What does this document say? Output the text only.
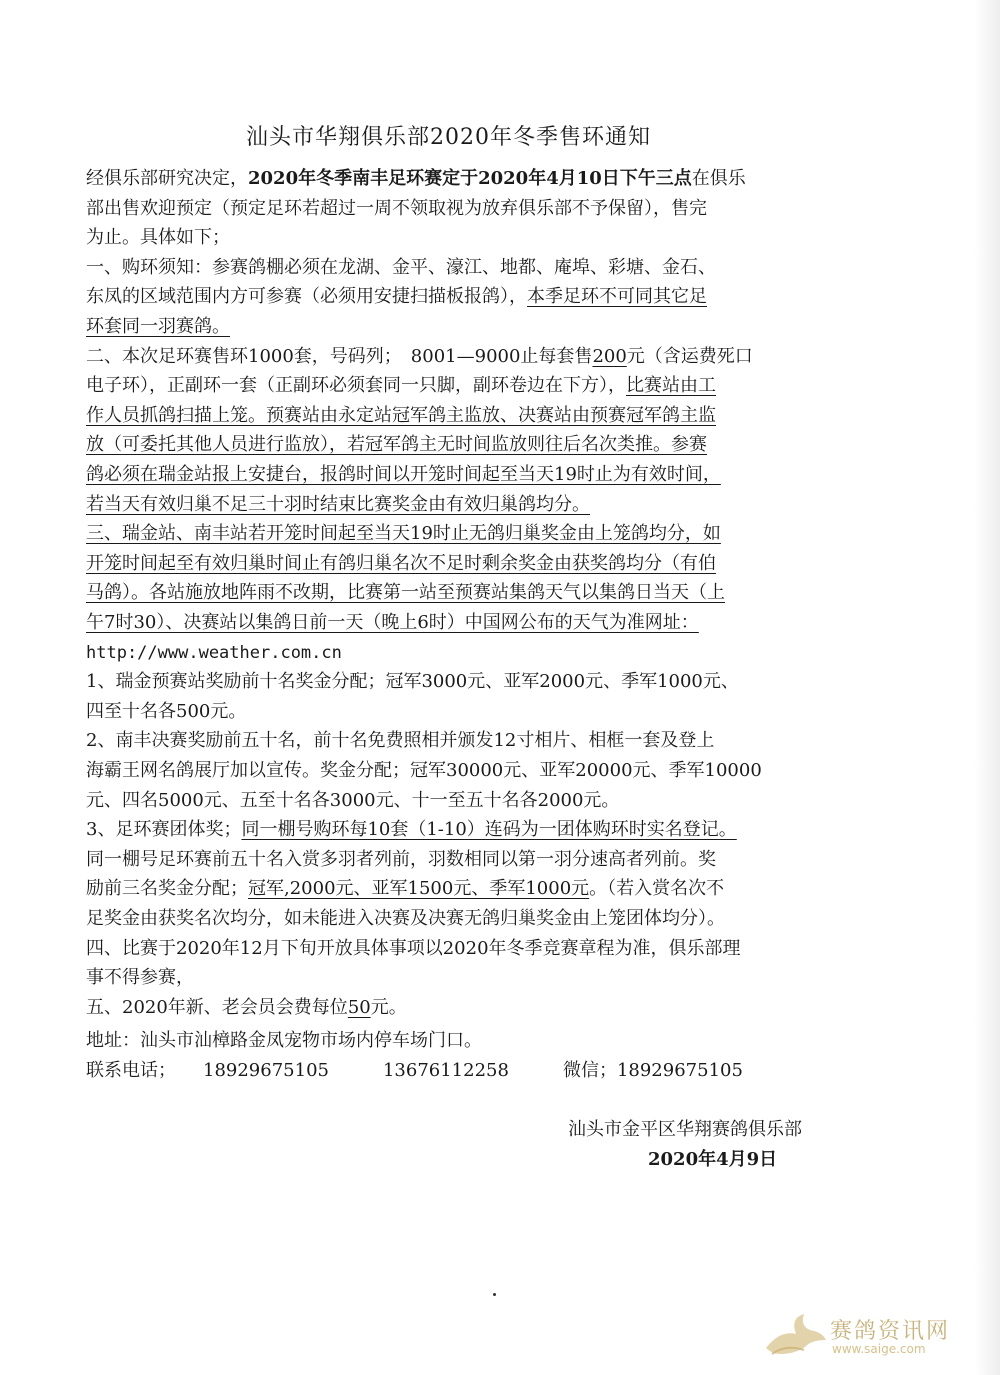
汕头市华翔俱乐部2020年冬季售环通知
经俱乐部研究决定，2020年冬季南丰足环赛定于2020年4月10日下午三点在俱乐
部出售欢迎预定（预定足环若超过一周不领取视为放弃俱乐部不予保留），售完
为止。具体如下；
一、购环须知：参赛鸽棚必须在龙湖、金平、濠江、地都、庵埠、彩塘、金石、
东凤的区域范围内方可参赛（必须用安捷扫描板报鸽），本季足环不可同其它足
环套同一羽赛鸽。
二、本次足环赛售环1000套，号码列；　8001—9000止每套售200元（含运费死口
电子环），正副环一套（正副环必须套同一只脚，副环卷边在下方），比赛站由工
作人员抓鸽扫描上笼。预赛站由永定站冠军鸽主监放、决赛站由预赛冠军鸽主监
放（可委托其他人员进行监放），若冠军鸽主无时间监放则往后名次类推。参赛
鸽必须在瑞金站报上安捷台，报鸽时间以开笼时间起至当天19时止为有效时间，
若当天有效归巢不足三十羽时结束比赛奖金由有效归巢鸽均分。
三、瑞金站、南丰站若开笼时间起至当天19时止无鸽归巢奖金由上笼鸽均分，如
开笼时间起至有效归巢时间止有鸽归巢名次不足时剩余奖金由获奖鸽均分（有伯
马鸽）。各站施放地阵雨不改期，比赛第一站至预赛站集鸽天气以集鸽日当天（上
午7时30）、决赛站以集鸽日前一天（晚上6时）中国网公布的天气为准网址：
http://www.weather.com.cn
1、瑞金预赛站奖励前十名奖金分配；冠军3000元、亚军2000元、季军1000元、
四至十名各500元。
2、南丰决赛奖励前五十名，前十名免费照相并颁发12寸相片、相框一套及登上
海霸王网名鸽展厅加以宣传。奖金分配；冠军30000元、亚军20000元、季军10000
元、四名5000元、五至十名各3000元、十一至五十名各2000元。
3、足环赛团体奖；同一棚号购环每10套（1-10）连码为一团体购环时实名登记。
同一棚号足环赛前五十名入赏多羽者列前，羽数相同以第一羽分速高者列前。奖
励前三名奖金分配；冠军,2000元、亚军1500元、季军1000元。（若入赏名次不
足奖金由获奖名次均分，如未能进入决赛及决赛无鸽归巢奖金由上笼团体均分）。
四、比赛于2020年12月下旬开放具体事项以2020年冬季竞赛章程为准，俱乐部理
事不得参赛，
五、2020年新、老会员会费每位50元。
地址：汕头市汕樟路金凤宠物市场内停车场门口。
联系电话；　　18929675105　　　13676112258　　　微信；18929675105
汕头市金平区华翔赛鸽俱乐部
2020年4月9日
赛鸽资讯网
www.saige.com
